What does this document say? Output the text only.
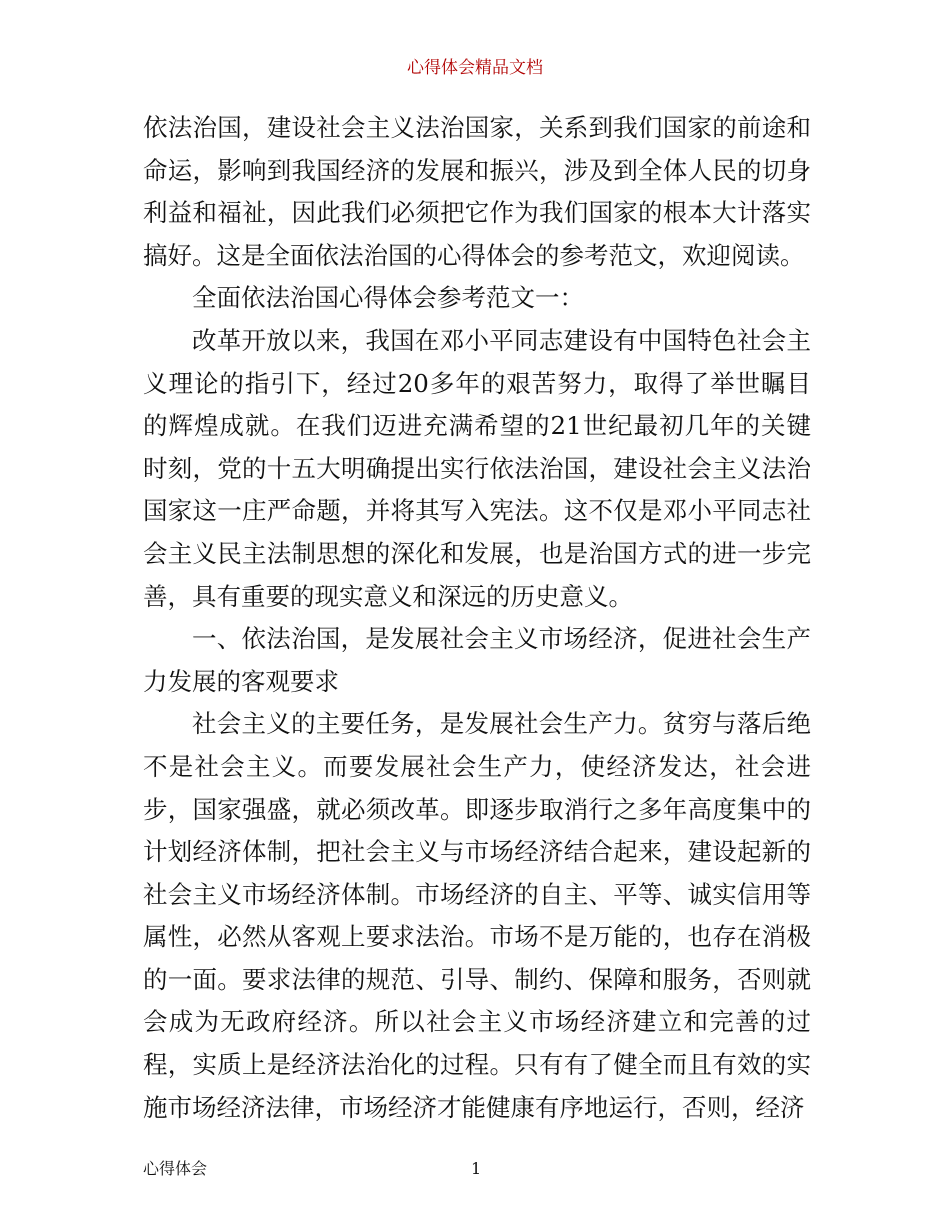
心得体会精品文档

依法治国，建设社会主义法治国家，关系到我们国家的前途和命运，影响到我国经济的发展和振兴，涉及到全体人民的切身利益和福祉，因此我们必须把它作为我们国家的根本大计落实搞好。这是全面依法治国的心得体会的参考范文，欢迎阅读。

全面依法治国心得体会参考范文一：

改革开放以来，我国在邓小平同志建设有中国特色社会主义理论的指引下，经过20多年的艰苦努力，取得了举世瞩目的辉煌成就。在我们迈进充满希望的21世纪最初几年的关键时刻，党的十五大明确提出实行依法治国，建设社会主义法治国家这一庄严命题，并将其写入宪法。这不仅是邓小平同志社会主义民主法制思想的深化和发展，也是治国方式的进一步完善，具有重要的现实意义和深远的历史意义。

一、依法治国，是发展社会主义市场经济，促进社会生产力发展的客观要求

社会主义的主要任务，是发展社会生产力。贫穷与落后绝不是社会主义。而要发展社会生产力，使经济发达，社会进步，国家强盛，就必须改革。即逐步取消行之多年高度集中的计划经济体制，把社会主义与市场经济结合起来，建设起新的社会主义市场经济体制。市场经济的自主、平等、诚实信用等属性，必然从客观上要求法治。市场不是万能的，也存在消极的一面。要求法律的规范、引导、制约、保障和服务，否则就会成为无政府经济。所以社会主义市场经济建立和完善的过程，实质上是经济法治化的过程。只有有了健全而且有效的实施市场经济法律，市场经济才能健康有序地运行，否则，经济

心得体会	1
